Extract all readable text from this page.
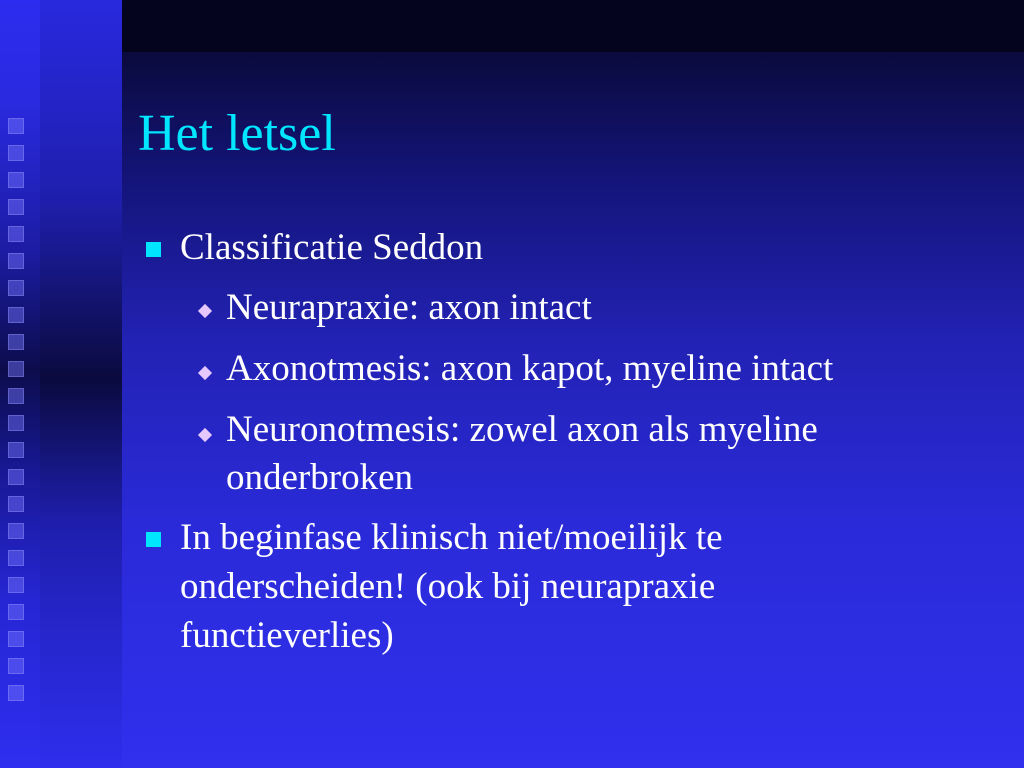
Het letsel
Classificatie Seddon
Neurapraxie: axon intact
Axonotmesis: axon kapot, myeline intact
Neuronotmesis: zowel axon als myeline
onderbroken
In beginfase klinisch niet/moeilijk te
onderscheiden! (ook bij neurapraxie
functieverlies)
